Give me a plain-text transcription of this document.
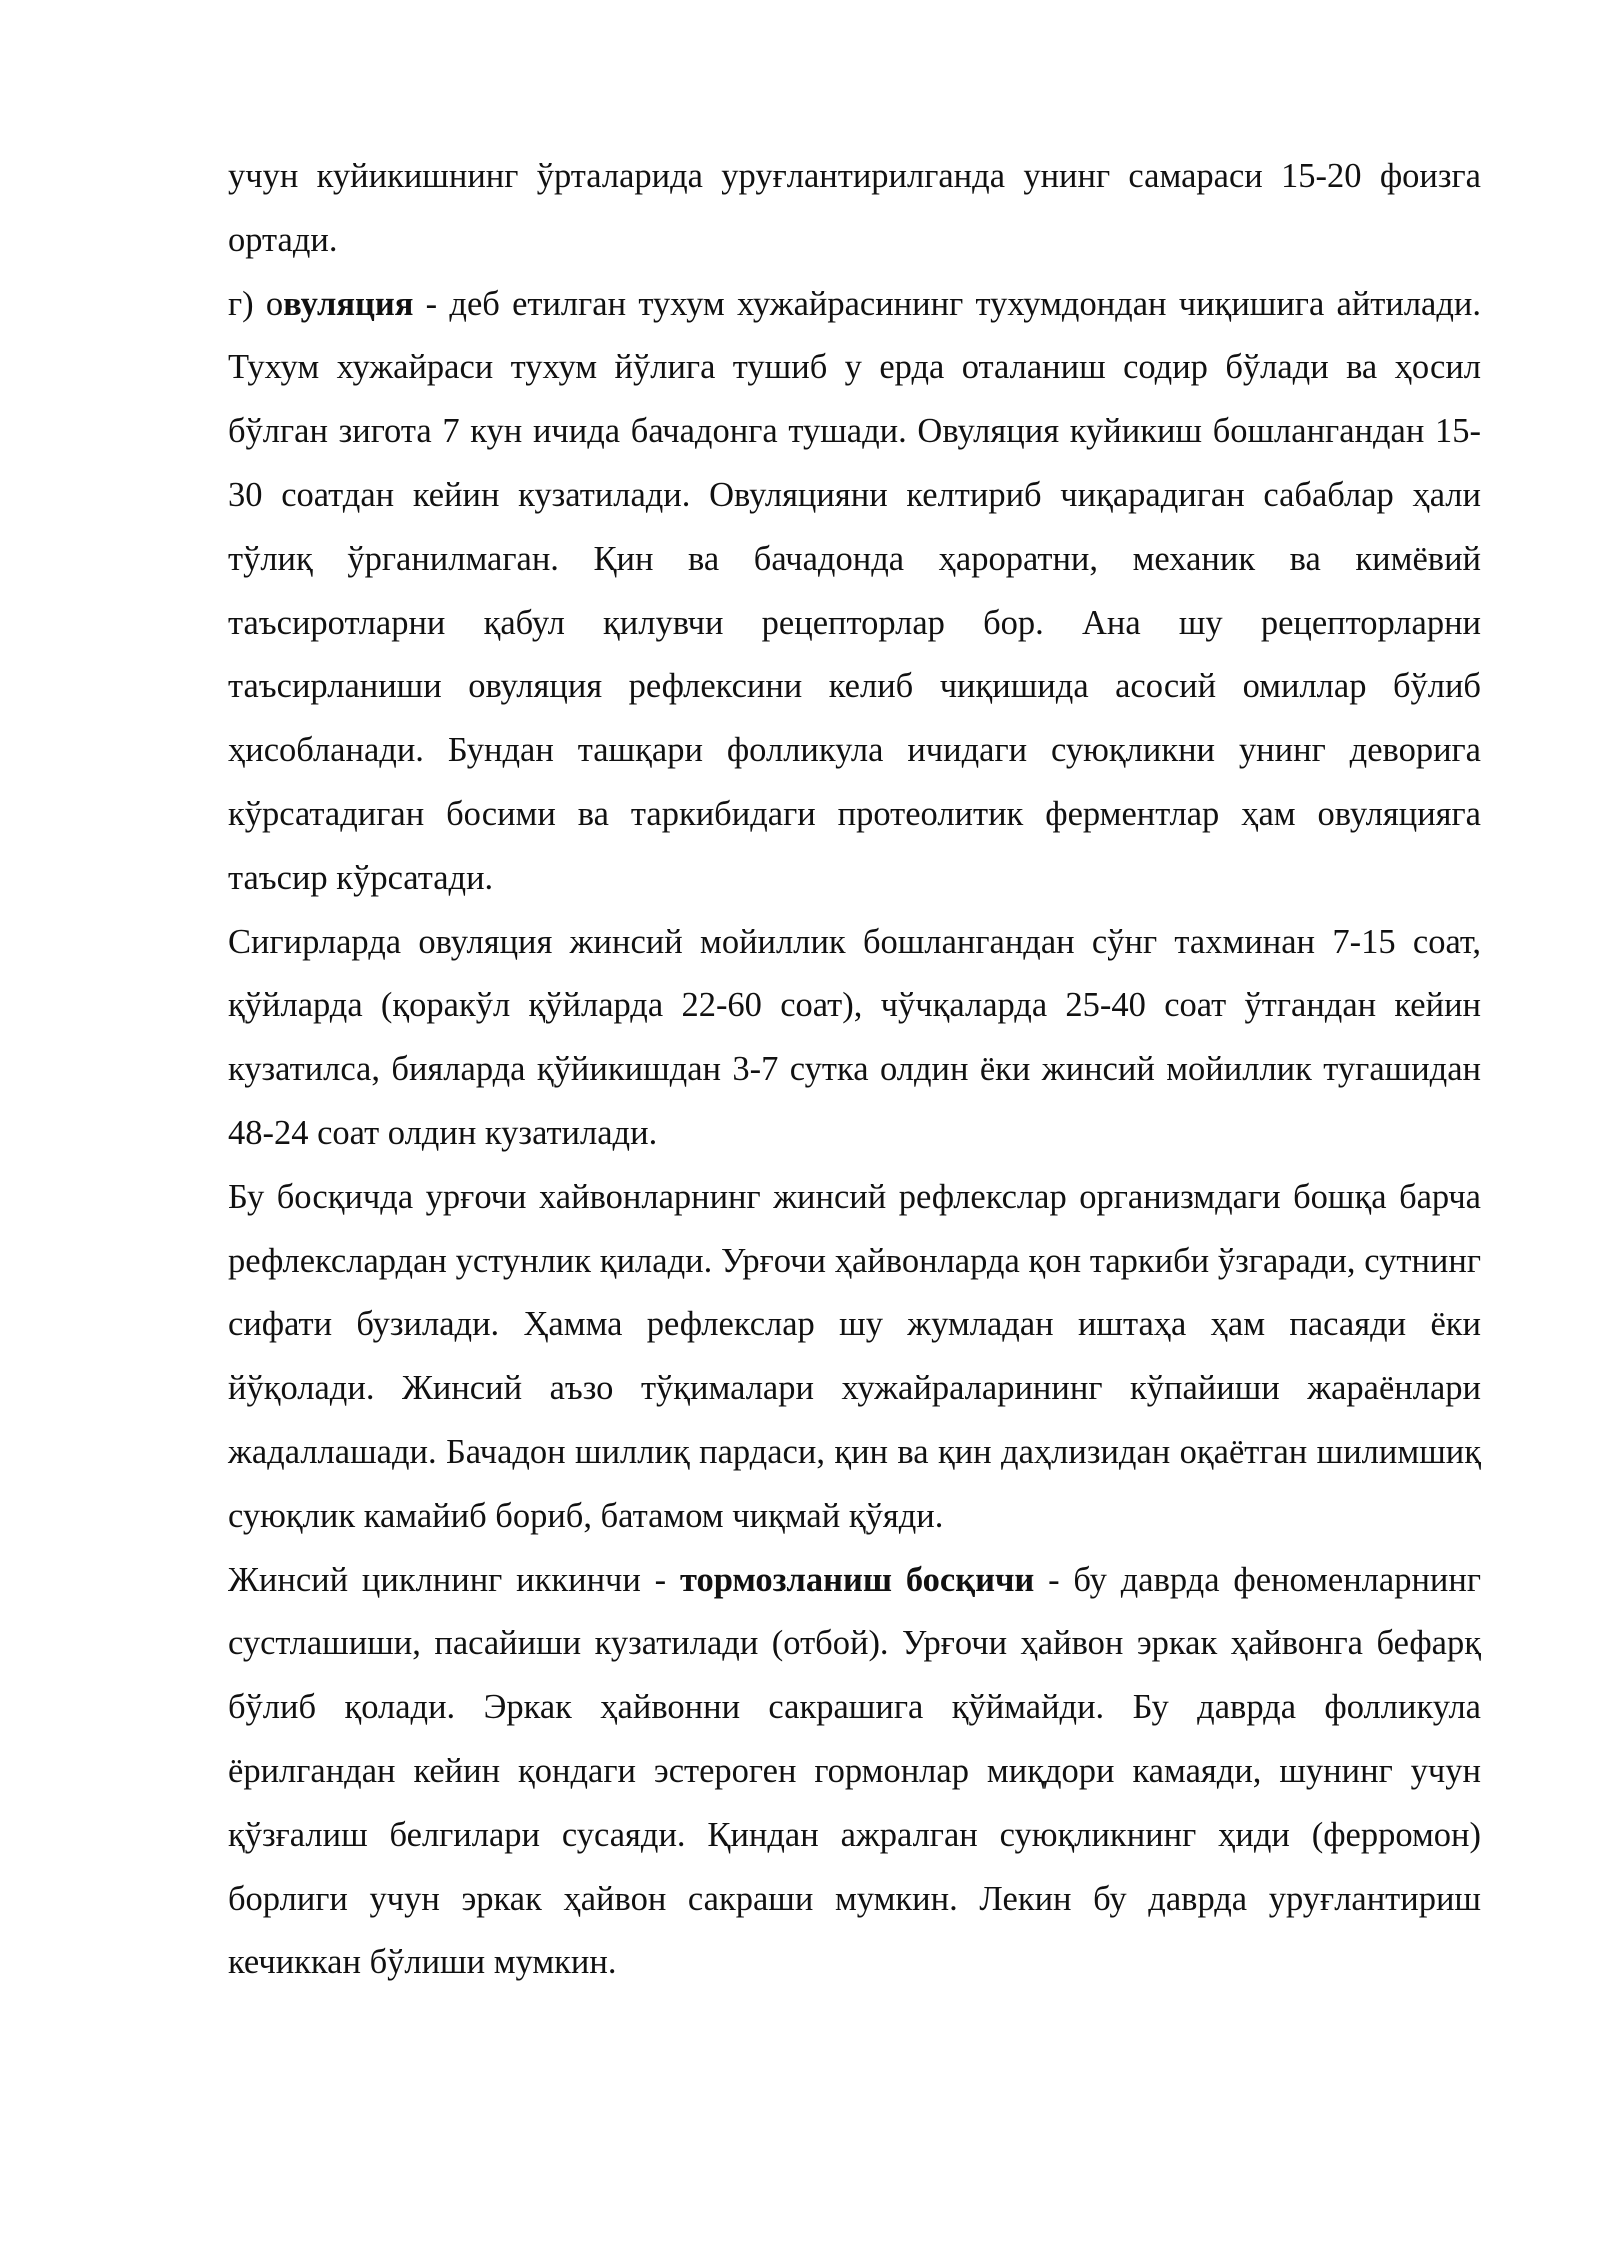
учун куйикишнинг ўрталарида уруғлантирилганда унинг самараси 15-20 фоизга ортади.

г) овуляция - деб етилган тухум хужайрасининг тухумдондан чиқишига айтилади. Тухум хужайраси тухум йўлига тушиб у ерда оталаниш содир бўлади ва ҳосил бўлган зигота 7 кун ичида бачадонга тушади. Овуляция куйикиш бошлангандан 15-30 соатдан кейин кузатилади. Овуляцияни келтириб чиқарадиган сабаблар ҳали тўлиқ ўрганилмаган. Қин ва бачадонда ҳароратни, механик ва кимёвий таъсиротларни қабул қилувчи рецепторлар бор. Ана шу рецепторларни таъсирланиши овуляция рефлексини келиб чиқишида асосий омиллар бўлиб ҳисобланади. Бундан ташқари фолликула ичидаги суюқликни унинг деворига кўрсатадиган босими ва таркибидаги протеолитик ферментлар ҳам овуляцияга таъсир кўрсатади.

Сигирларда овуляция жинсий мойиллик бошлангандан сўнг тахминан 7-15 соат, қўйларда (қоракўл қўйларда 22-60 соат), чўчқаларда 25-40 соат ўтгандан кейин кузатилса, бияларда қўйикишдан 3-7 сутка олдин ёки жинсий мойиллик тугашидан 48-24 соат олдин кузатилади.

Бу босқичда урғочи хайвонларнинг жинсий рефлекслар организмдаги бошқа барча рефлекслардан устунлик қилади. Урғочи ҳайвонларда қон таркиби ўзгаради, сутнинг сифати бузилади. Ҳамма рефлекслар шу жумладан иштаҳа ҳам пасаяди ёки йўқолади. Жинсий аъзо тўқималари хужайраларининг кўпайиши жараёнлари жадаллашади. Бачадон шиллиқ пардаси, қин ва қин даҳлизидан оқаётган шилимшиқ суюқлик камайиб бориб, батамом чиқмай қўяди.

Жинсий циклнинг иккинчи - тормозланиш босқичи - бу даврда феноменларнинг сустлашиши, пасайиши кузатилади (отбой). Урғочи ҳайвон эркак ҳайвонга бефарқ бўлиб қолади. Эркак ҳайвонни сакрашига қўймайди. Бу даврда фолликула ёрилгандан кейин қондаги эстероген гормонлар миқдори камаяди, шунинг учун қўзғалиш белгилари сусаяди. Қиндан ажралган суюқликнинг ҳиди (ферромон) борлиги учун эркак ҳайвон сакраши мумкин. Лекин бу даврда уруғлантириш кечиккан бўлиши мумкин.
